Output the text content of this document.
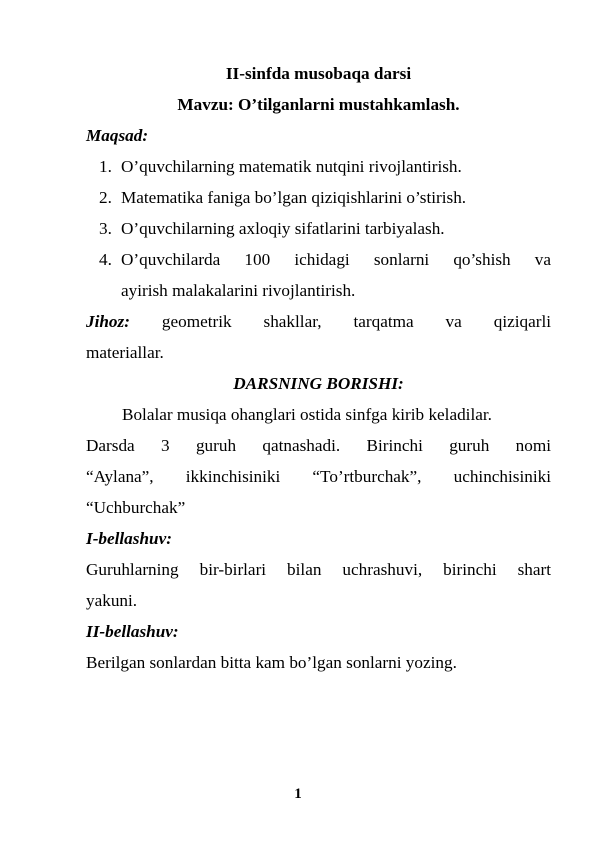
II-sinfda musobaqa darsi
Mavzu: O’tilganlarni mustahkamlash.
Maqsad:
1. O’quvchilarning matematik nutqini rivojlantirish.
2. Matematika faniga bo’lgan qiziqishlarini o’stirish.
3. O’quvchilarning axloqiy sifatlarini tarbiyalash.
4. O’quvchilarda 100 ichidagi sonlarni qo’shish va
ayirish malakalarini rivojlantirish.
Jihoz: geometrik shakllar, tarqatma va qiziqarli
materiallar.
DARSNING BORISHI:
Bolalar musiqa ohanglari ostida sinfga kirib keladilar.
Darsda 3 guruh qatnashadi. Birinchi guruh nomi
“Aylana”, ikkinchisiniki “To’rtburchak”, uchinchisiniki
“Uchburchak”
I-bellashuv:
Guruhlarning bir-birlari bilan uchrashuvi, birinchi shart
yakuni.
II-bellashuv:
Berilgan sonlardan bitta kam bo’lgan sonlarni yozing.
1
